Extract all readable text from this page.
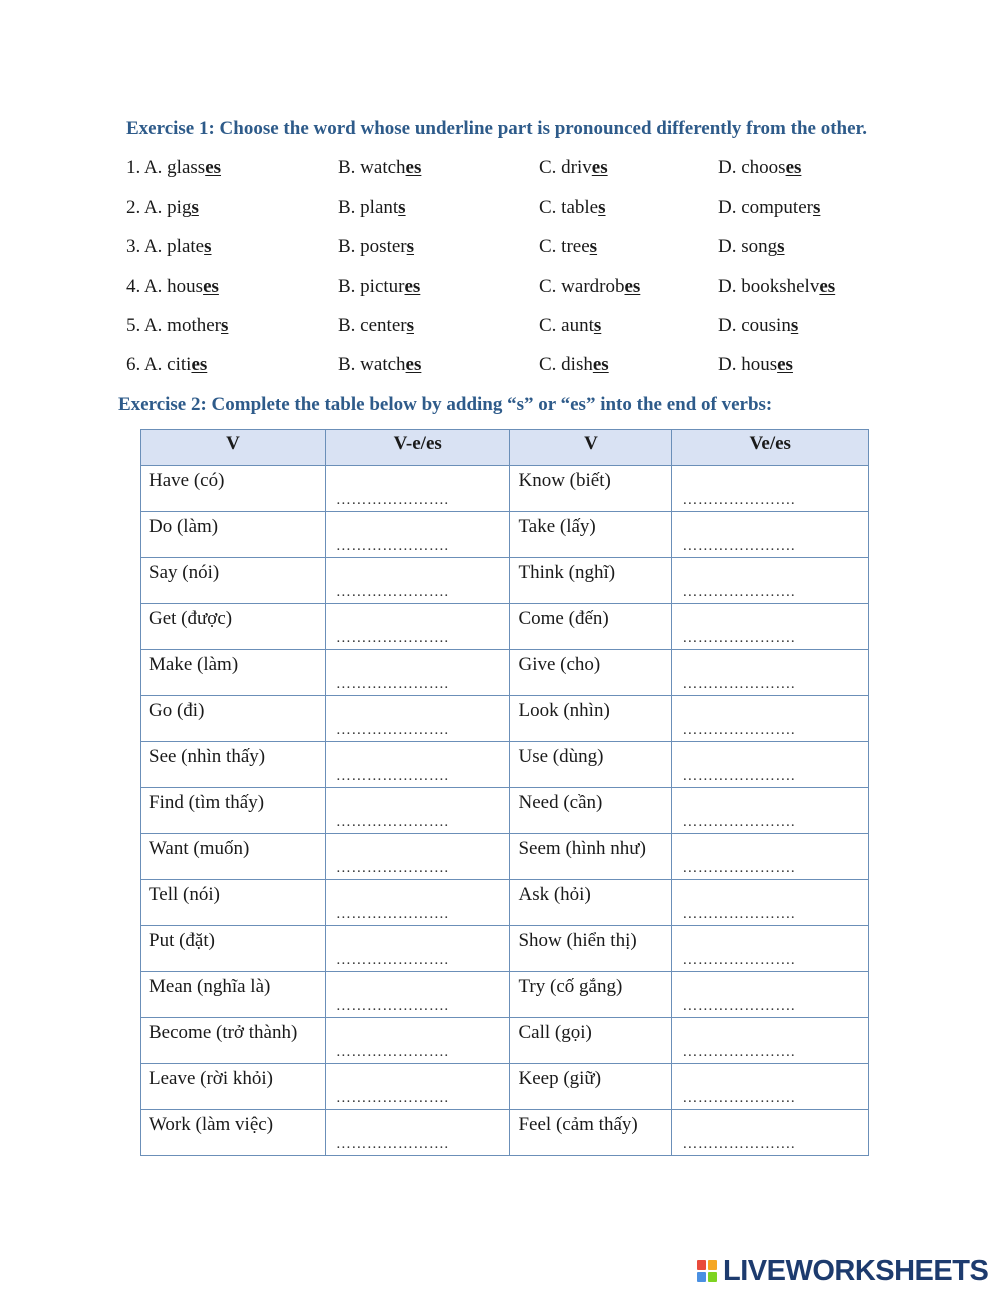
Exercise 1: Choose the word whose underline part is pronounced differently from the other.
1. A. glasses	B. watches	C. drives	D. chooses
2. A. pigs	B. plants	C. tables	D. computers
3. A. plates	B. posters	C. trees	D. songs
4. A. houses	B. pictures	C. wardrobes	D. bookshelves
5. A. mothers	B. centers	C. aunts	D. cousins
6. A. cities	B. watches	C. dishes	D. houses
Exercise 2: Complete the table below by adding “s” or “es” into the end of verbs:
V	V-e/es	V	Ve/es
Have (có)	………………….	Know (biết)	………………….

Do (làm)	………………….	Take (lấy)	………………….

Say (nói)	………………….	Think (nghĩ)	………………….

Get (được)	………………….	Come (đến)	………………….

Make (làm)	………………….	Give (cho)	………………….

Go (đi)	………………….	Look (nhìn)	………………….

See (nhìn thấy)	………………….	Use (dùng)	………………….

Find (tìm thấy)	………………….	Need (cần)	………………….

Want (muốn)	………………….	Seem (hình như)	………………….

Tell (nói)	………………….	Ask (hỏi)	………………….

Put (đặt)	………………….	Show (hiển thị)	………………….

Mean (nghĩa là)	………………….	Try (cố gắng)	………………….

Become (trở thành)	………………….	Call (gọi)	………………….

Leave (rời khỏi)	………………….	Keep (giữ)	………………….

Work (làm việc)	………………….	Feel (cảm thấy)	………………….
LIVEWORKSHEETS
